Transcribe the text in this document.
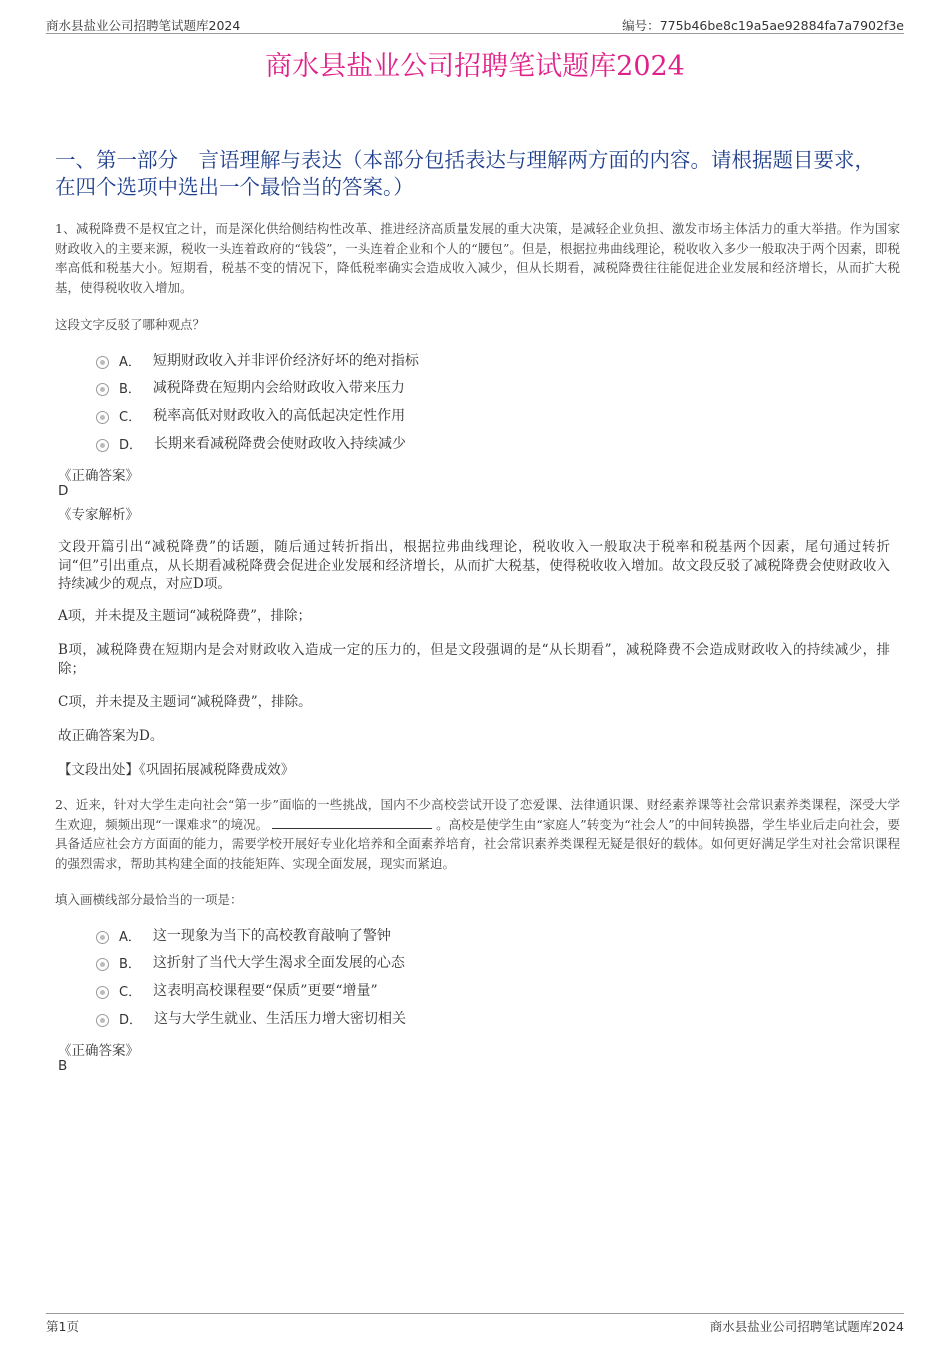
商水县盐业公司招聘笔试题库2024	编号：775b46be8c19a5ae92884fa7a7902f3e
商水县盐业公司招聘笔试题库2024
一、第一部分　言语理解与表达（本部分包括表达与理解两方面的内容。请根据题目要求，在四个选项中选出一个最恰当的答案。）
1、减税降费不是权宜之计，而是深化供给侧结构性改革、推进经济高质量发展的重大决策，是减轻企业负担、激发市场主体活力的重大举措。作为国家财政收入的主要来源，税收一头连着政府的“钱袋”，一头连着企业和个人的“腰包”。但是，根据拉弗曲线理论，税收收入多少一般取决于两个因素，即税率高低和税基大小。短期看，税基不变的情况下，降低税率确实会造成收入减少，但从长期看，减税降费往往能促进企业发展和经济增长，从而扩大税基，使得税收收入增加。
这段文字反驳了哪种观点？
A． 短期财政收入并非评价经济好坏的绝对指标
B． 减税降费在短期内会给财政收入带来压力
C． 税率高低对财政收入的高低起决定性作用
D． 长期来看减税降费会使财政收入持续减少
《正确答案》
D
《专家解析》
文段开篇引出“减税降费”的话题，随后通过转折指出，根据拉弗曲线理论，税收收入一般取决于税率和税基两个因素，尾句通过转折词“但”引出重点，从长期看减税降费会促进企业发展和经济增长，从而扩大税基，使得税收收入增加。故文段反驳了减税降费会使财政收入持续减少的观点，对应D项。
A项，并未提及主题词“减税降费”，排除；
B项，减税降费在短期内是会对财政收入造成一定的压力的，但是文段强调的是“从长期看”，减税降费不会造成财政收入的持续减少，排除；
C项，并未提及主题词“减税降费”，排除。
故正确答案为D。
【文段出处】《巩固拓展减税降费成效》
2、近来，针对大学生走向社会“第一步”面临的一些挑战，国内不少高校尝试开设了恋爱课、法律通识课、财经素养课等社会常识素养类课程，深受大学生欢迎，频频出现“一课难求”的境况。	。高校是使学生由“家庭人”转变为“社会人”的中间转换器，学生毕业后走向社会，要具备适应社会方方面面的能力，需要学校开展好专业化培养和全面素养培育，社会常识素养类课程无疑是很好的载体。如何更好满足学生对社会常识课程的强烈需求，帮助其构建全面的技能矩阵、实现全面发展，现实而紧迫。
填入画横线部分最恰当的一项是：
A． 这一现象为当下的高校教育敲响了警钟
B． 这折射了当代大学生渴求全面发展的心态
C． 这表明高校课程要“保质”更要“增量”
D． 这与大学生就业、生活压力增大密切相关
《正确答案》
B
第1页	商水县盐业公司招聘笔试题库2024
